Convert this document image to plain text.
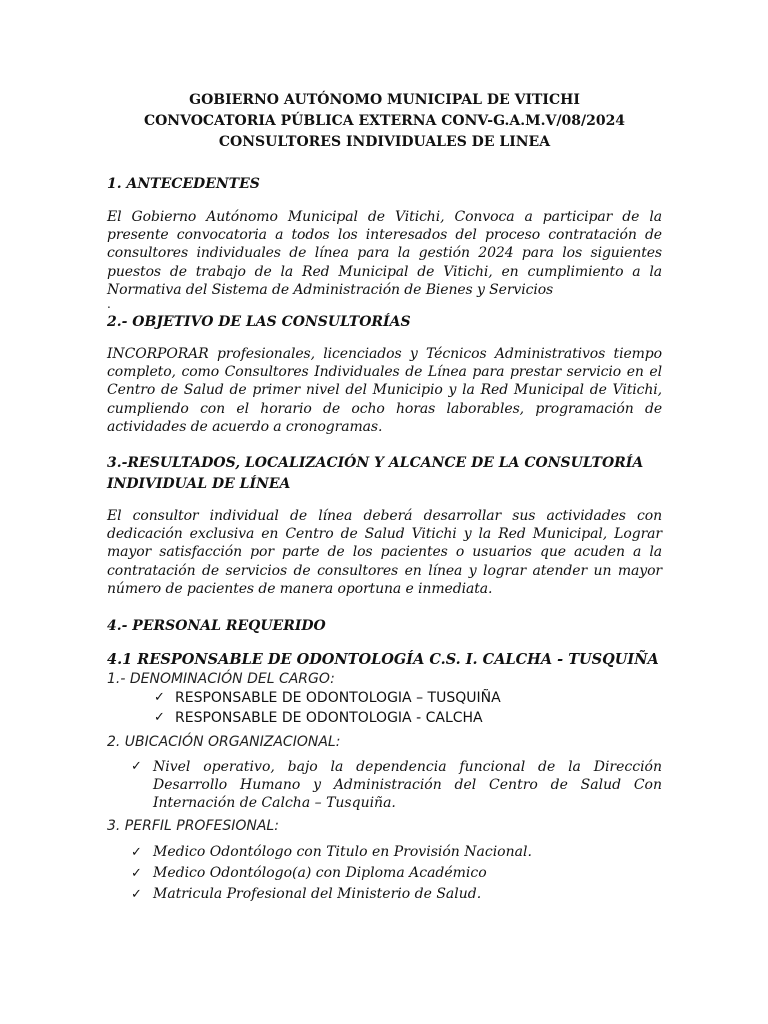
GOBIERNO AUTÓNOMO MUNICIPAL DE VITICHI

CONVOCATORIA PÚBLICA EXTERNA CONV-G.A.M.V/08/2024

CONSULTORES INDIVIDUALES DE LINEA

1. ANTECEDENTES

El Gobierno Autónomo Municipal de Vitichi, Convoca a participar de la presente convocatoria a todos los interesados del proceso contratación de consultores individuales de línea para la gestión 2024 para los siguientes puestos de trabajo de la Red Municipal de Vitichi, en cumplimiento a la Normativa del Sistema de Administración de Bienes y Servicios

.

2.- OBJETIVO DE LAS CONSULTORÍAS

INCORPORAR profesionales, licenciados y Técnicos Administrativos tiempo completo, como Consultores Individuales de Línea para prestar servicio en el Centro de Salud de primer nivel del Municipio y la Red Municipal de Vitichi, cumpliendo con el horario de ocho horas laborables, programación de actividades de acuerdo a cronogramas.

3.-RESULTADOS, LOCALIZACIÓN Y ALCANCE DE LA CONSULTORÍA

INDIVIDUAL DE LÍNEA

El consultor individual de línea deberá desarrollar sus actividades con dedicación exclusiva en Centro de Salud Vitichi y la Red Municipal, Lograr mayor satisfacción por parte de los pacientes o usuarios que acuden a la contratación de servicios de consultores en línea y lograr atender un mayor número de pacientes de manera oportuna e inmediata.

4.- PERSONAL REQUERIDO

4.1 RESPONSABLE DE ODONTOLOGÍA C.S. I. CALCHA - TUSQUIÑA

1.- DENOMINACIÓN DEL CARGO:

✓ RESPONSABLE DE ODONTOLOGIA – TUSQUIÑA
✓ RESPONSABLE DE ODONTOLOGIA - CALCHA

2. UBICACIÓN ORGANIZACIONAL:

✓ Nivel operativo, bajo la dependencia funcional de la Dirección Desarrollo Humano y Administración del Centro de Salud Con Internación de Calcha – Tusquiña.

3. PERFIL PROFESIONAL:

✓ Medico Odontólogo con Titulo en Provisión Nacional.
✓ Medico Odontólogo(a) con Diploma Académico
✓ Matricula Profesional del Ministerio de Salud.
